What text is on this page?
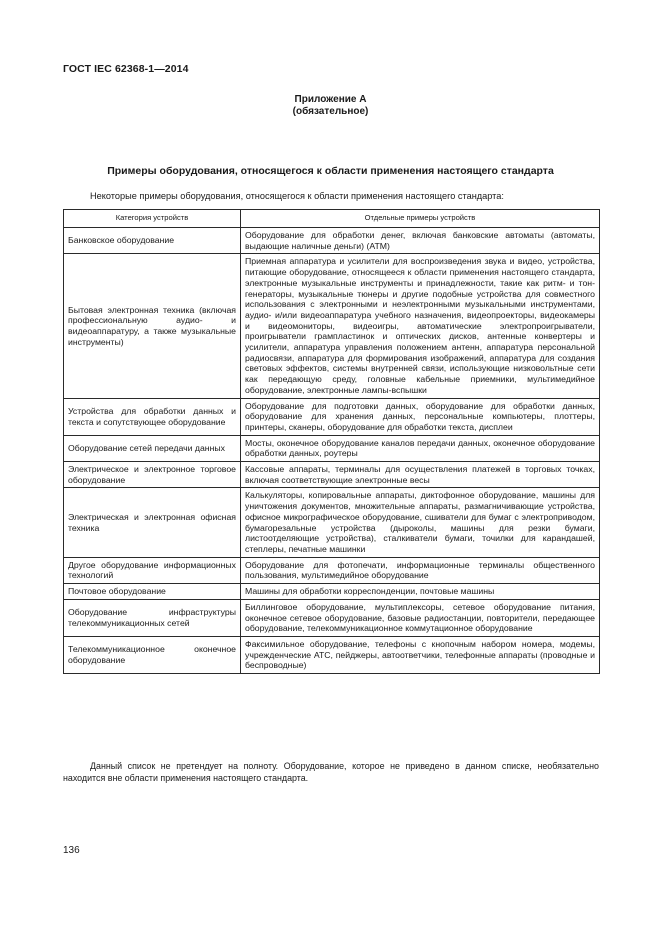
ГОСТ IEC 62368-1—2014
Приложение А
(обязательное)
Примеры оборудования, относящегося к области применения настоящего стандарта
Некоторые примеры оборудования, относящегося к области применения настоящего стандарта:
Категория устройств	Отдельные примеры устройств
Банковское оборудование	Оборудование для обработки денег, включая банковские автоматы (автоматы, выдающие наличные деньги) (АТМ)
Бытовая электронная техника (включая профессиональную аудио- и видеоаппаратуру, а также музыкальные инструменты)	Приемная аппаратура и усилители для воспроизведения звука и видео, устройства, питающие оборудование, относящееся к области применения настоящего стандарта, электронные музыкальные инструменты и принадлежности, такие как ритм- и тон-генераторы, музыкальные тюнеры и другие подобные устройства для совместного использования с электронными и неэлектронными музыкальными инструментами, аудио- и/или видеоаппаратура учебного назначения, видеопроекторы, видеокамеры и видеомониторы, видеоигры, автоматические электропроигрыватели, проигрыватели грампластинок и оптических дисков, антенные конвертеры и усилители, аппаратура управления положением антенн, аппаратура персональной радиосвязи, аппаратура для формирования изображений, аппаратура для создания световых эффектов, системы внутренней связи, использующие низковольтные сети как передающую среду, головные кабельные приемники, мультимедийное оборудование, электронные лампы-вспышки
Устройства для обработки данных и текста и сопутствующее оборудование	Оборудование для подготовки данных, оборудование для обработки данных, оборудование для хранения данных, персональные компьютеры, плоттеры, принтеры, сканеры, оборудование для обработки текста, дисплеи
Оборудование сетей передачи данных	Мосты, оконечное оборудование каналов передачи данных, оконечное оборудование обработки данных, роутеры
Электрическое и электронное торговое оборудование	Кассовые аппараты, терминалы для осуществления платежей в торговых точках, включая соответствующие электронные весы
Электрическая и электронная офисная техника	Калькуляторы, копировальные аппараты, диктофонное оборудование, машины для уничтожения документов, множительные аппараты, размагничивающие устройства, офисное микрографическое оборудование, сшиватели для бумаг с электроприводом, бумагорезальные устройства (дыроколы, машины для резки бумаги, листоотделяющие устройства), сталкиватели бумаги, точилки для карандашей, степлеры, печатные машинки
Другое оборудование информационных технологий	Оборудование для фотопечати, информационные терминалы общественного пользования, мультимедийное оборудование
Почтовое оборудование	Машины для обработки корреспонденции, почтовые машины
Оборудование инфраструктуры телекоммуникационных сетей	Биллинговое оборудование, мультиплексоры, сетевое оборудование питания, оконечное сетевое оборудование, базовые радиостанции, повторители, передающее оборудование, телекоммуникационное коммутационное оборудование
Телекоммуникационное оконечное оборудование	Факсимильное оборудование, телефоны с кнопочным набором номера, модемы, учрежденческие АТС, пейджеры, автоответчики, телефонные аппараты (проводные и беспроводные)
Данный список не претендует на полноту. Оборудование, которое не приведено в данном списке, необязательно находится вне области применения настоящего стандарта.
136
